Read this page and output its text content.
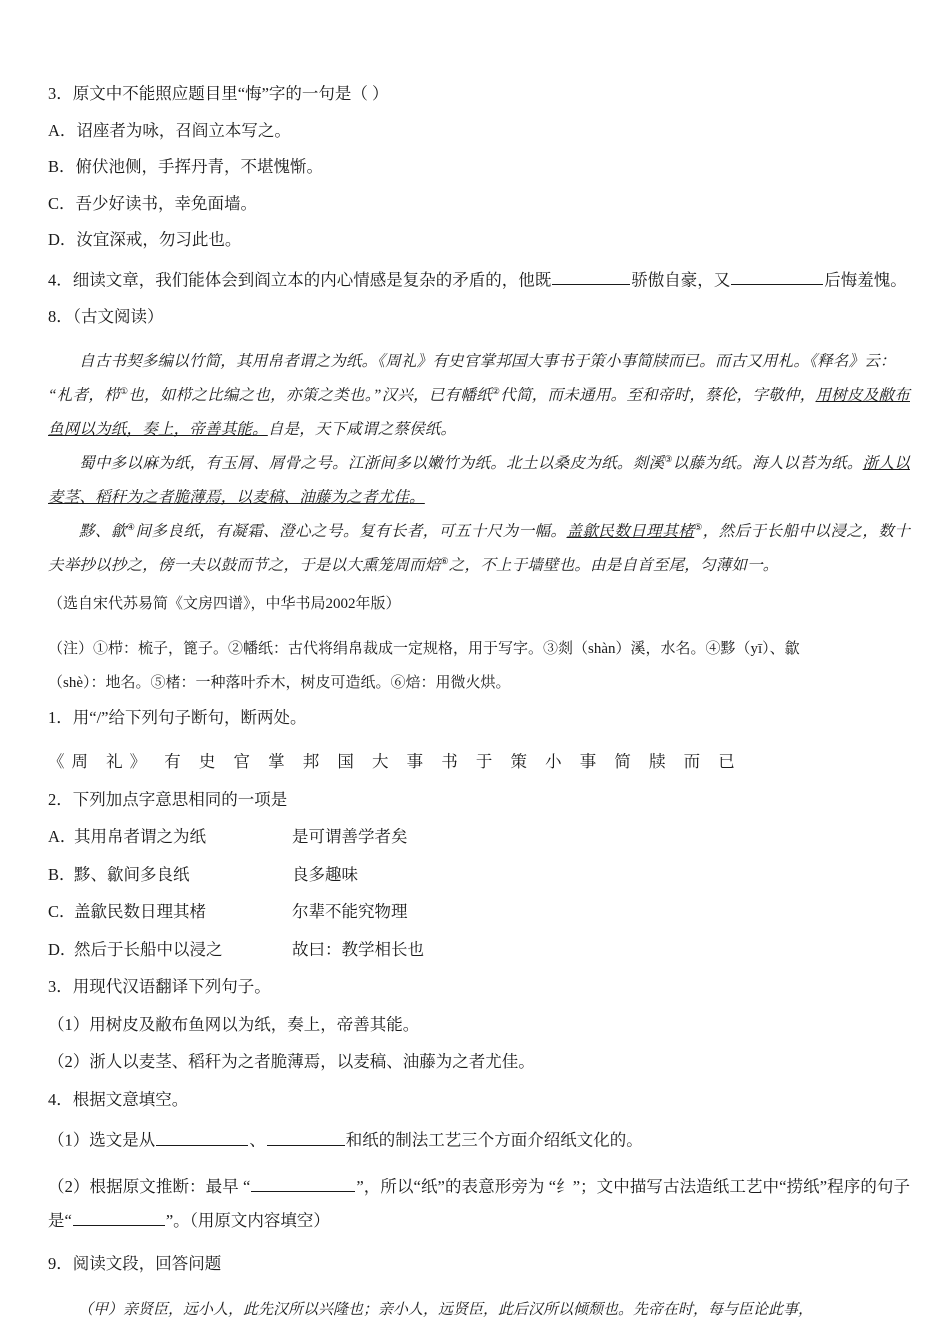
3．原文中不能照应题目里“悔”字的一句是（ ）
A．诏座者为咏，召阎立本写之。
B．俯伏池侧，手挥丹青，不堪愧惭。
C．吾少好读书，幸免面墙。
D．汝宜深戒，勿习此也。
4．细读文章，我们能体会到阎立本的内心情感是复杂的矛盾的，他既	骄傲自豪，又	后悔羞愧。
8．（古文阅读）

自古书契多编以竹简，其用帛者谓之为纸。《周礼》有史官掌邦国大事书于策小事简牍而已。而古又用札。《释名》云：

“札者，栉①也，如栉之比编之也，亦策之类也。”汉兴，已有幡纸②代简，而未通用。至和帝时，蔡伦，字敬仲，用树皮及敝布鱼网以为纸，奏上，帝善其能。自是，天下咸谓之蔡侯纸。

蜀中多以麻为纸，有玉屑、屑骨之号。江浙间多以嫩竹为纸。北土以桑皮为纸。剡溪③以藤为纸。海人以苔为纸。浙人以麦茎、稻秆为之者脆薄焉，以麦稿、油藤为之者尤佳。

黟、歙④间多良纸，有凝霜、澄心之号。复有长者，可五十尺为一幅。盖歙民数日理其楮⑤，然后于长船中以浸之，数十夫举抄以抄之，傍一夫以鼓而节之，于是以大熏笼周而焙⑥之，不上于墙壁也。由是自首至尾，匀薄如一。

（选自宋代苏易简《文房四谱》，中华书局2002年版）
（注）①栉：梳子，篦子。②幡纸：古代将绢帛裁成一定规格，用于写字。③剡（shàn）溪，水名。④黟（yī）、歙
（shè）：地名。⑤楮：一种落叶乔木，树皮可造纸。⑥焙：用微火烘。
1．用“/”给下列句子断句，断两处。
《周 礼》 有 史 官 掌 邦 国 大 事 书 于 策 小 事 简 牍 而 已
2．下列加点字意思相同的一项是
A．其用帛者谓之为纸	是可谓善学者矣
B．黟、歙间多良纸	良多趣味
C．盖歙民数日理其楮	尔辈不能究物理
D．然后于长船中以浸之	故曰：教学相长也
3．用现代汉语翻译下列句子。
（1）用树皮及敝布鱼网以为纸，奏上，帝善其能。
（2）浙人以麦茎、稻秆为之者脆薄焉，以麦稿、油藤为之者尤佳。
4．根据文意填空。
（1）选文是从	、	和纸的制法工艺三个方面介绍纸文化的。
（2）根据原文推断：最早 “	”，所以“纸”的表意形旁为 “纟”；文中描写古法造纸工艺中“捞纸”程序的句子是“	”。（用原文内容填空）
9．阅读文段，回答问题
（甲）亲贤臣，远小人，此先汉所以兴隆也；亲小人，远贤臣，此后汉所以倾颓也。先帝在时，每与臣论此事，
